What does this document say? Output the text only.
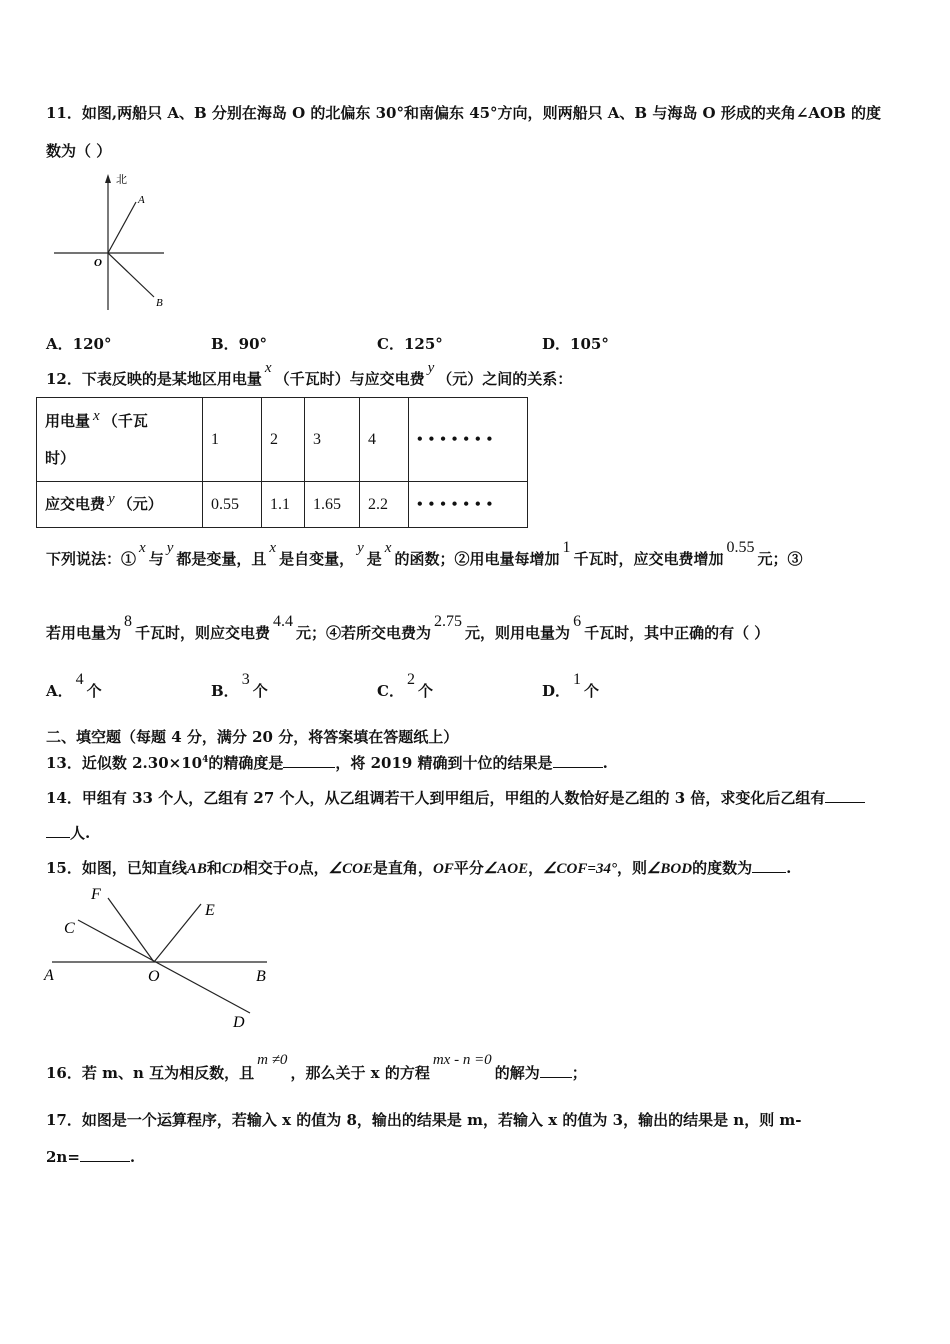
11．如图,两船只 A、B 分别在海岛 O 的北偏东 30°和南偏东 45°方向，则两船只 A、B 与海岛 O 形成的夹角∠AOB 的度
数为（ ）
北
A
O
B
A．120°	B．90°	C．125°	D．105°
12．下表反映的是某地区用电量x（千瓦时）与应交电费y（元）之间的关系：
用电量 x （千瓦
时）	1	2	3	4	• • • • • • •
应交电费 y （元）	0.55	1.1	1.65	2.2	• • • • • • •
下列说法：①x与y都是变量，且x是自变量，y是x的函数；②用电量每增加1千瓦时，应交电费增加0.55元；③
若用电量为8千瓦时，则应交电费4.4元；④若所交电费为2.75元，则用电量为6千瓦时，其中正确的有（ ）
A．4个	B．3个	C．2个	D．1个
二、填空题（每题 4 分，满分 20 分，将答案填在答题纸上）
13．近似数 $2.30\times 10^4$的精确度是	，将 2019 精确到十位的结果是	.
14．甲组有 33 个人，乙组有 27 个人，从乙组调若干人到甲组后，甲组的人数恰好是乙组的 3 倍，求变化后乙组有
人.
15．如图，已知直线AB和CD相交于O点，∠COE是直角，OF平分∠AOE，∠COF=34°，则∠BOD的度数为 .
F
E
C
A	O	B
D
16．若 m、n 互为相反数，且m ≠0，那么关于 x 的方程mx - n =0的解为 ；
17．如图是一个运算程序，若输入 x 的值为 8，输出的结果是 m，若输入 x 的值为 3，输出的结果是 n，则 m-
2n=	.
